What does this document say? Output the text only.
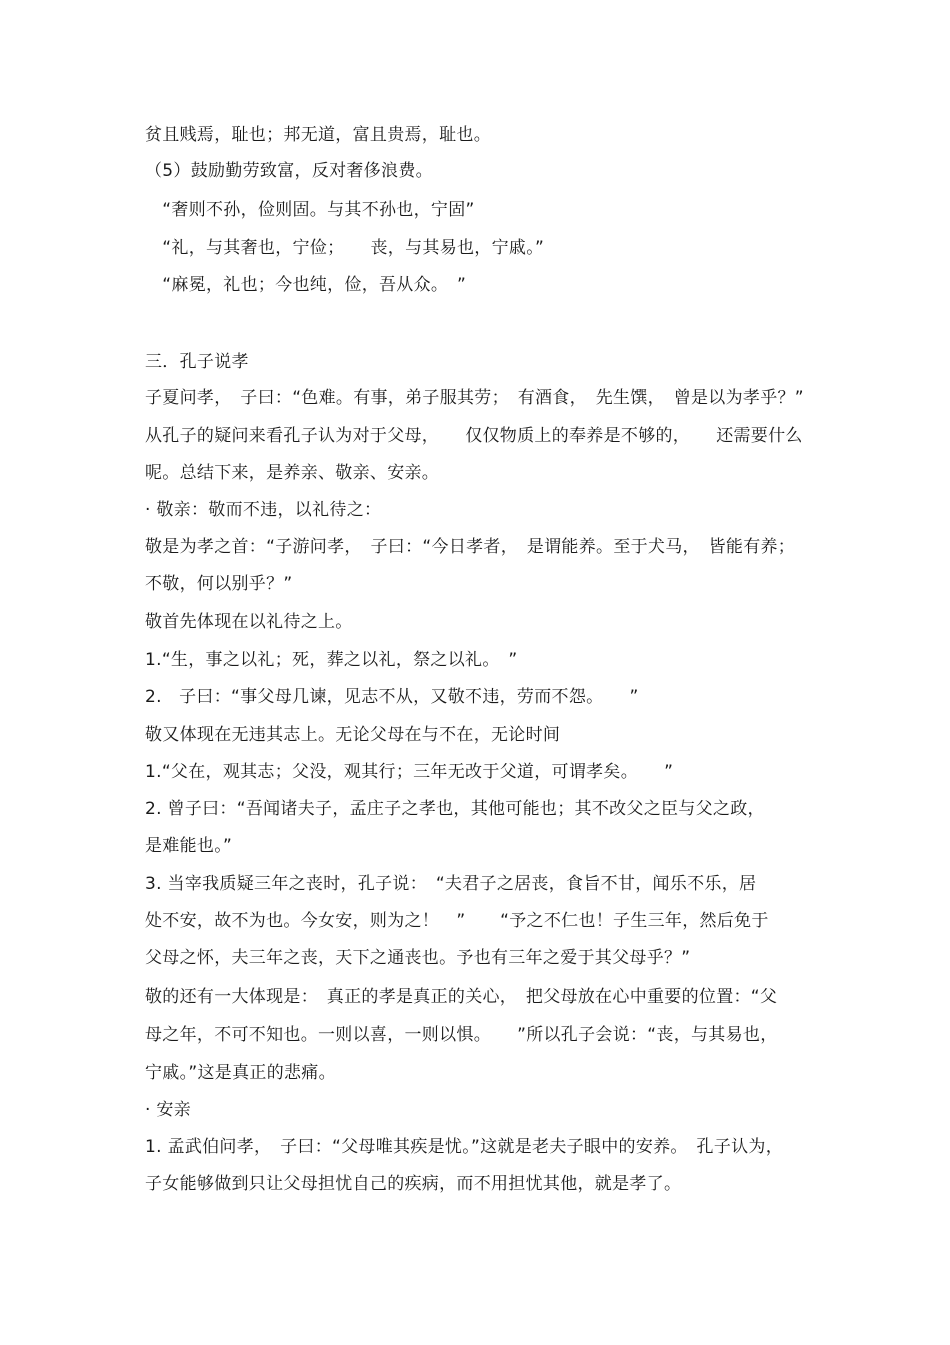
贫且贱焉，耻也；邦无道，富且贵焉，耻也。
（5）鼓励勤劳致富，反对奢侈浪费。
　“奢则不孙，俭则固。与其不孙也，宁固”
　“礼，与其奢也，宁俭；　　丧，与其易也，宁戚。”
　“麻冕，礼也；今也纯，俭，吾从众。　”
三．孔子说孝
子夏问孝，　子曰：“色难。有事，弟子服其劳；　有酒食，　先生馔，　曾是以为孝乎？”
从孔子的疑问来看孔子认为对于父母，　　仅仅物质上的奉养是不够的，　　还需要什么
呢。总结下来，是养亲、敬亲、安亲。
· 敬亲：敬而不违，以礼待之：
敬是为孝之首：“子游问孝，　子曰：“今日孝者，　是谓能养。至于犬马，　皆能有养；
不敬，何以别乎？”
敬首先体现在以礼待之上。
1.“生，事之以礼；死，葬之以礼，祭之以礼。　”
2.　子曰：“事父母几谏，见志不从，又敬不违，劳而不怨。　　”
敬又体现在无违其志上。无论父母在与不在，无论时间
1.“父在，观其志；父没，观其行；三年无改于父道，可谓孝矣。　　”
2. 曾子曰：“吾闻诸夫子，孟庄子之孝也，其他可能也；其不改父之臣与父之政，
是难能也。”
3. 当宰我质疑三年之丧时，孔子说：　“夫君子之居丧，食旨不甘，闻乐不乐，居
处不安，故不为也。今女安，则为之！　”　　“予之不仁也！子生三年，然后免于
父母之怀，夫三年之丧，天下之通丧也。予也有三年之爱于其父母乎？”
敬的还有一大体现是：　真正的孝是真正的关心，　把父母放在心中重要的位置：“父
母之年，不可不知也。一则以喜，一则以惧。　　”所以孔子会说：“丧，与其易也，
宁戚。”这是真正的悲痛。
· 安亲
1. 孟武伯问孝，　子曰：“父母唯其疾是忧。”这就是老夫子眼中的安养。　孔子认为，
子女能够做到只让父母担忧自己的疾病，而不用担忧其他，就是孝了。
